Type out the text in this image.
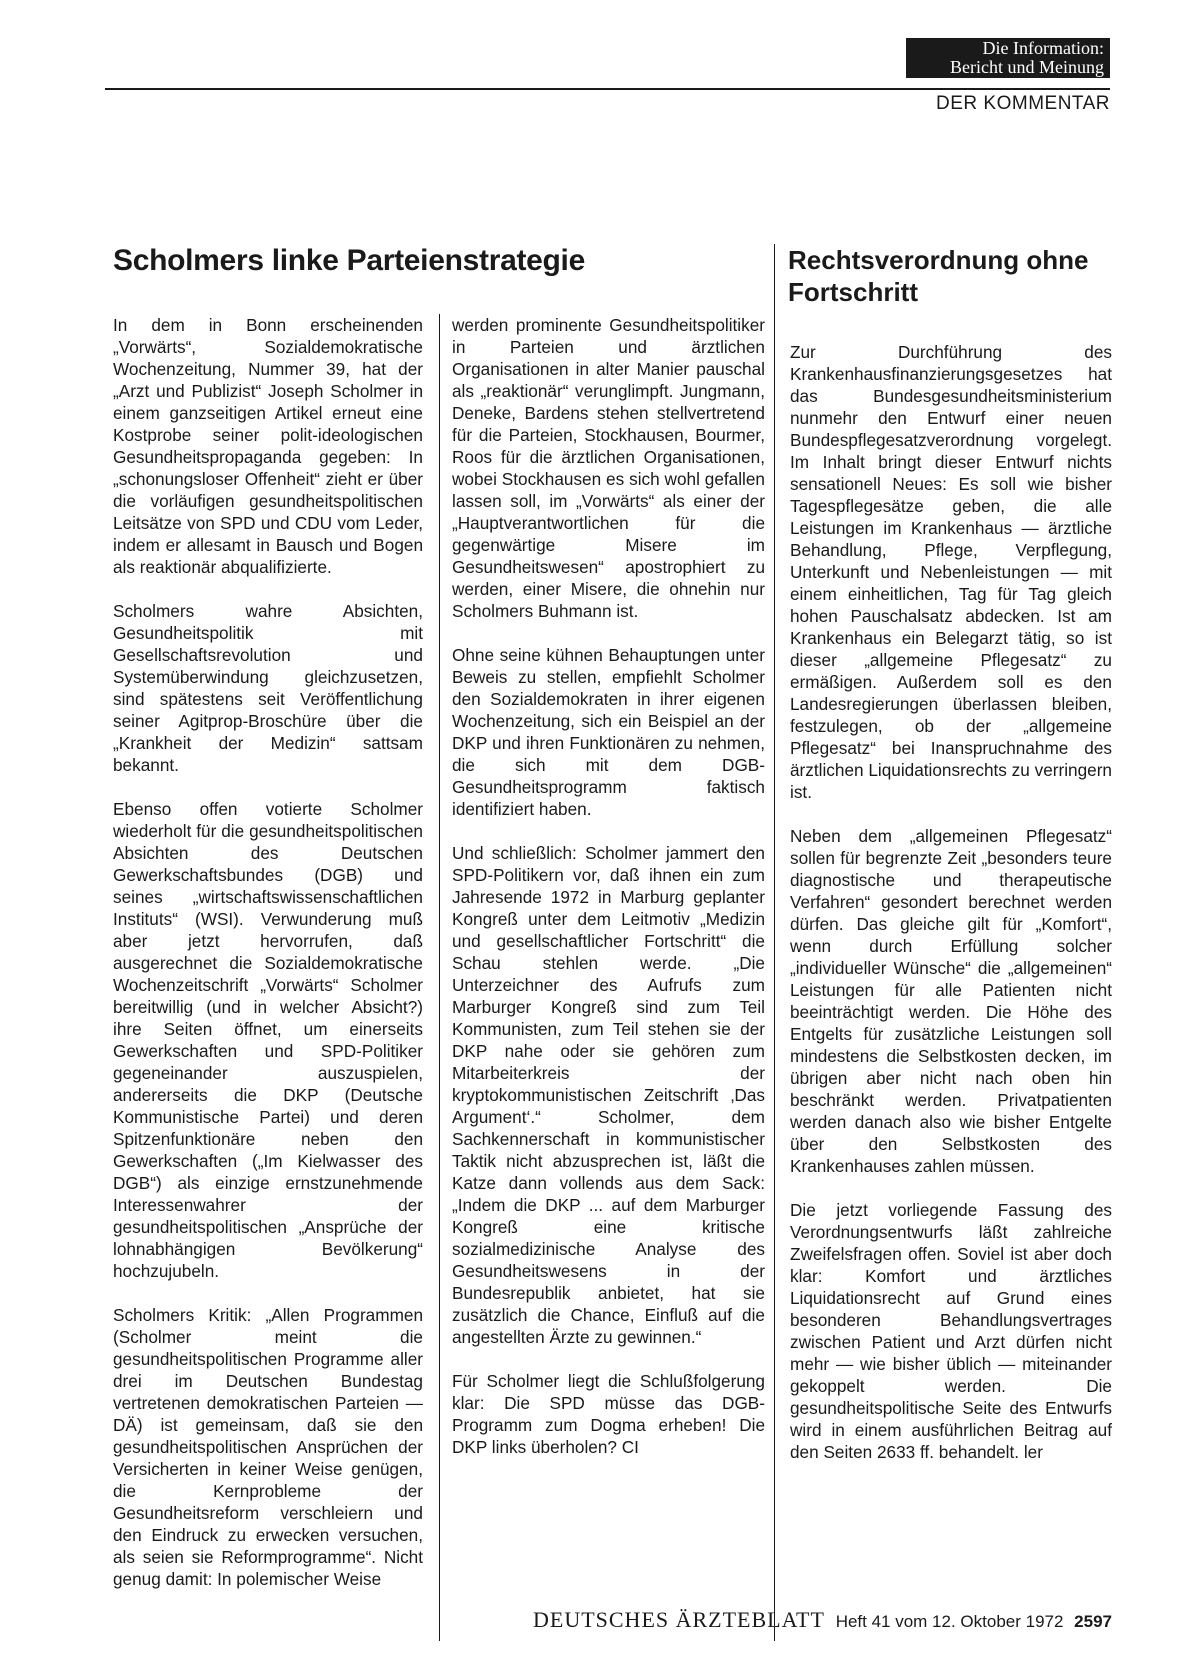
Die Information:
Bericht und Meinung
DER KOMMENTAR
Scholmers linke Parteienstrategie	Rechtsverordnung ohne Fortschritt

In dem in Bonn erscheinenden „Vorwärts“, Sozialdemokratische Wochenzeitung, Nummer 39, hat der „Arzt und Publizist“ Joseph Scholmer in einem ganzseitigen Artikel erneut eine Kostprobe seiner polit-ideologischen Gesundheitspropaganda gegeben: In „schonungsloser Offenheit“ zieht er über die vorläufigen gesundheitspolitischen Leitsätze von SPD und CDU vom Leder, indem er allesamt in Bausch und Bogen als reaktionär abqualifizierte.

Scholmers wahre Absichten, Gesundheitspolitik mit Gesellschaftsrevolution und Systemüberwindung gleichzusetzen, sind spätestens seit Veröffentlichung seiner Agitprop-Broschüre über die „Krankheit der Medizin“ sattsam bekannt.

Ebenso offen votierte Scholmer wiederholt für die gesundheitspolitischen Absichten des Deutschen Gewerkschaftsbundes (DGB) und seines „wirtschaftswissenschaftlichen Instituts“ (WSI). Verwunderung muß aber jetzt hervorrufen, daß ausgerechnet die Sozialdemokratische Wochenzeitschrift „Vorwärts“ Scholmer bereitwillig (und in welcher Absicht?) ihre Seiten öffnet, um einerseits Gewerkschaften und SPD-Politiker gegeneinander auszuspielen, andererseits die DKP (Deutsche Kommunistische Partei) und deren Spitzenfunktionäre neben den Gewerkschaften („Im Kielwasser des DGB“) als einzige ernstzunehmende Interessenwahrer der gesundheitspolitischen „Ansprüche der lohnabhängigen Bevölkerung“ hochzujubeln.

Scholmers Kritik: „Allen Programmen (Scholmer meint die gesundheitspolitischen Programme aller drei im Deutschen Bundestag vertretenen demokratischen Parteien — DÄ) ist gemeinsam, daß sie den gesundheitspolitischen Ansprüchen der Versicherten in keiner Weise genügen, die Kernprobleme der Gesundheitsreform verschleiern und den Eindruck zu erwecken versuchen, als seien sie Reformprogramme“. Nicht genug damit: In polemischer Weise

werden prominente Gesundheitspolitiker in Parteien und ärztlichen Organisationen in alter Manier pauschal als „reaktionär“ verunglimpft. Jungmann, Deneke, Bardens stehen stellvertretend für die Parteien, Stockhausen, Bourmer, Roos für die ärztlichen Organisationen, wobei Stockhausen es sich wohl gefallen lassen soll, im „Vorwärts“ als einer der „Hauptverantwortlichen für die gegenwärtige Misere im Gesundheitswesen“ apostrophiert zu werden, einer Misere, die ohnehin nur Scholmers Buhmann ist.

Ohne seine kühnen Behauptungen unter Beweis zu stellen, empfiehlt Scholmer den Sozialdemokraten in ihrer eigenen Wochenzeitung, sich ein Beispiel an der DKP und ihren Funktionären zu nehmen, die sich mit dem DGB-Gesundheitsprogramm faktisch identifiziert haben.

Und schließlich: Scholmer jammert den SPD-Politikern vor, daß ihnen ein zum Jahresende 1972 in Marburg geplanter Kongreß unter dem Leitmotiv „Medizin und gesellschaftlicher Fortschritt“ die Schau stehlen werde. „Die Unterzeichner des Aufrufs zum Marburger Kongreß sind zum Teil Kommunisten, zum Teil stehen sie der DKP nahe oder sie gehören zum Mitarbeiterkreis der kryptokommunistischen Zeitschrift ‚Das Argument‘.“ Scholmer, dem Sachkennerschaft in kommunistischer Taktik nicht abzusprechen ist, läßt die Katze dann vollends aus dem Sack: „Indem die DKP ... auf dem Marburger Kongreß eine kritische sozialmedizinische Analyse des Gesundheitswesens in der Bundesrepublik anbietet, hat sie zusätzlich die Chance, Einfluß auf die angestellten Ärzte zu gewinnen.“

Für Scholmer liegt die Schlußfolgerung klar: Die SPD müsse das DGB-Programm zum Dogma erheben! Die DKP links überholen? CI

Zur Durchführung des Krankenhausfinanzierungsgesetzes hat das Bundesgesundheitsministerium nunmehr den Entwurf einer neuen Bundespflegesatzverordnung vorgelegt. Im Inhalt bringt dieser Entwurf nichts sensationell Neues: Es soll wie bisher Tagespflegesätze geben, die alle Leistungen im Krankenhaus — ärztliche Behandlung, Pflege, Verpflegung, Unterkunft und Nebenleistungen — mit einem einheitlichen, Tag für Tag gleich hohen Pauschalsatz abdecken. Ist am Krankenhaus ein Belegarzt tätig, so ist dieser „allgemeine Pflegesatz“ zu ermäßigen. Außerdem soll es den Landesregierungen überlassen bleiben, festzulegen, ob der „allgemeine Pflegesatz“ bei Inanspruchnahme des ärztlichen Liquidationsrechts zu verringern ist.

Neben dem „allgemeinen Pflegesatz“ sollen für begrenzte Zeit „besonders teure diagnostische und therapeutische Verfahren“ gesondert berechnet werden dürfen. Das gleiche gilt für „Komfort“, wenn durch Erfüllung solcher „individueller Wünsche“ die „allgemeinen“ Leistungen für alle Patienten nicht beeinträchtigt werden. Die Höhe des Entgelts für zusätzliche Leistungen soll mindestens die Selbstkosten decken, im übrigen aber nicht nach oben hin beschränkt werden. Privatpatienten werden danach also wie bisher Entgelte über den Selbstkosten des Krankenhauses zahlen müssen.

Die jetzt vorliegende Fassung des Verordnungsentwurfs läßt zahlreiche Zweifelsfragen offen. Soviel ist aber doch klar: Komfort und ärztliches Liquidationsrecht auf Grund eines besonderen Behandlungsvertrages zwischen Patient und Arzt dürfen nicht mehr — wie bisher üblich — miteinander gekoppelt werden. Die gesundheitspolitische Seite des Entwurfs wird in einem ausführlichen Beitrag auf den Seiten 2633 ff. behandelt. ler

DEUTSCHES ÄRZTEBLATT Heft 41 vom 12. Oktober 1972 2597
